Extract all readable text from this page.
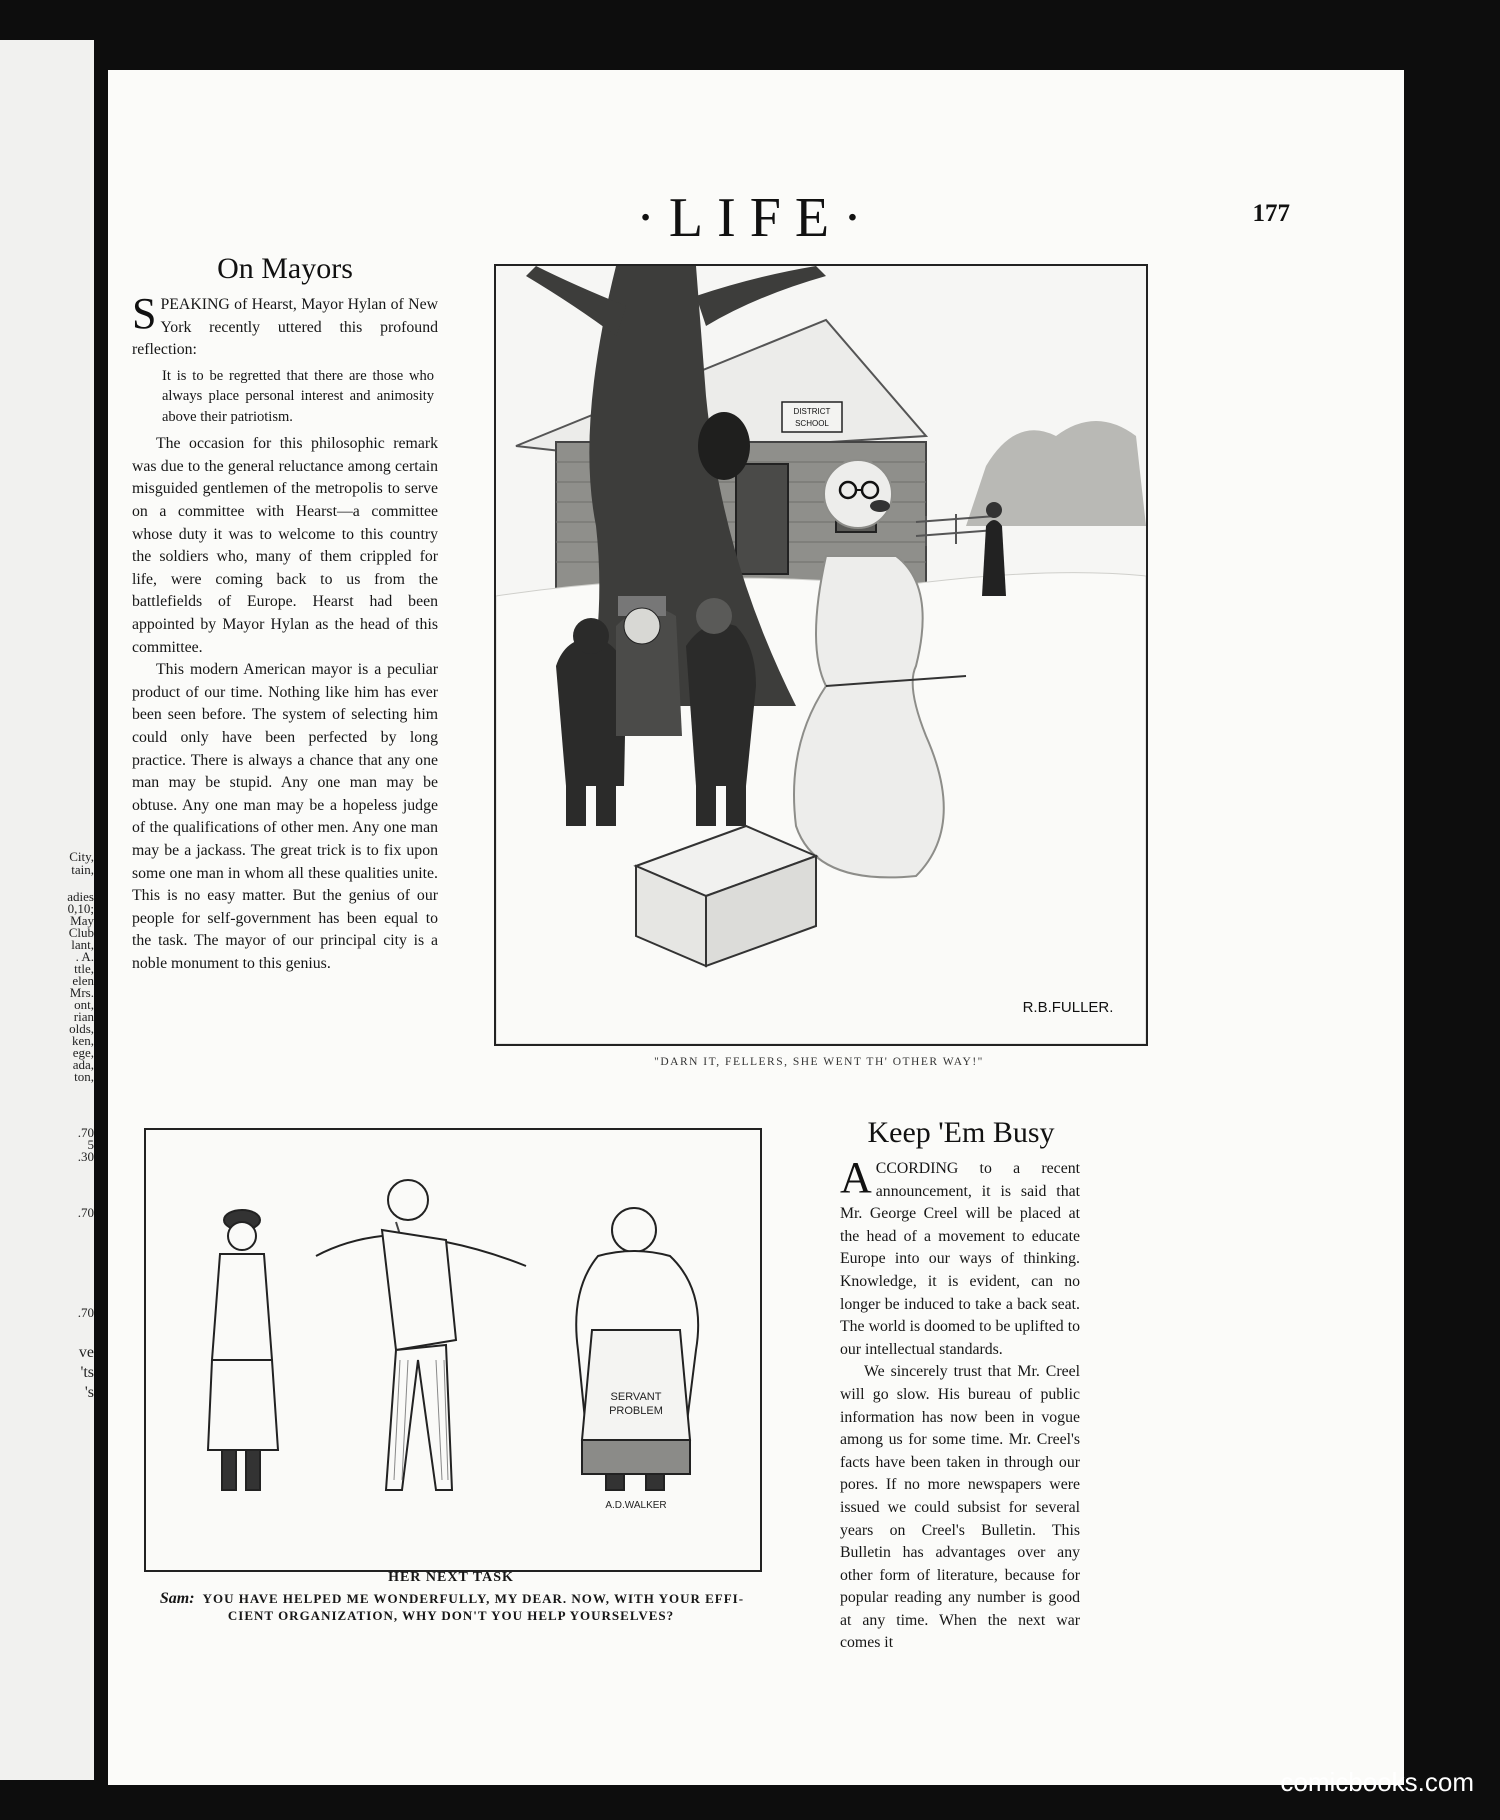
City,
tain,
adies
0,10;
May
Club
lant,
. A.
ttle,
elen
Mrs.
ont,
rian
olds,
ken,
ege,
ada,
ton,
.70
5
.30
.70
.70
ve
'ts
's
·LIFE·	177
On Mayors

SPEAKING of Hearst, Mayor Hylan of New York recently uttered this profound reflection:

It is to be regretted that there are those who always place personal interest and animosity above their patriotism.

The occasion for this philosophic remark was due to the general reluctance among certain misguided gentlemen of the metropolis to serve on a committee with Hearst—a committee whose duty it was to welcome to this country the soldiers who, many of them crippled for life, were coming back to us from the battlefields of Europe. Hearst had been appointed by Mayor Hylan as the head of this committee.

This modern American mayor is a peculiar product of our time. Nothing like him has ever been seen before. The system of selecting him could only have been perfected by long practice. There is always a chance that any one man may be stupid. Any one man may be obtuse. Any one man may be a hopeless judge of the qualifications of other men. Any one man may be a jackass. The great trick is to fix upon some one man in whom all these qualities unite. This is no easy matter. But the genius of our people for self-government has been equal to the task. The mayor of our principal city is a noble monument to this genius.

DISTRICT
SCHOOL
R.B.FULLER.
"DARN IT, FELLERS, SHE WENT TH' OTHER WAY!"
SERVANT
PROBLEM
A.D.WALKER
HER NEXT TASK
Sam: YOU HAVE HELPED ME WONDERFULLY, MY DEAR. NOW, WITH YOUR EFFI-
CIENT ORGANIZATION, WHY DON'T YOU HELP YOURSELVES?
Keep 'Em Busy

ACCORDING to a recent announcement, it is said that Mr. George Creel will be placed at the head of a movement to educate Europe into our ways of thinking. Knowledge, it is evident, can no longer be induced to take a back seat. The world is doomed to be uplifted to our intellectual standards.

We sincerely trust that Mr. Creel will go slow. His bureau of public information has now been in vogue among us for some time. Mr. Creel's facts have been taken in through our pores. If no more newspapers were issued we could subsist for several years on Creel's Bulletin. This Bulletin has advantages over any other form of literature, because for popular reading any number is good at any time. When the next war comes it

comicbooks.com
